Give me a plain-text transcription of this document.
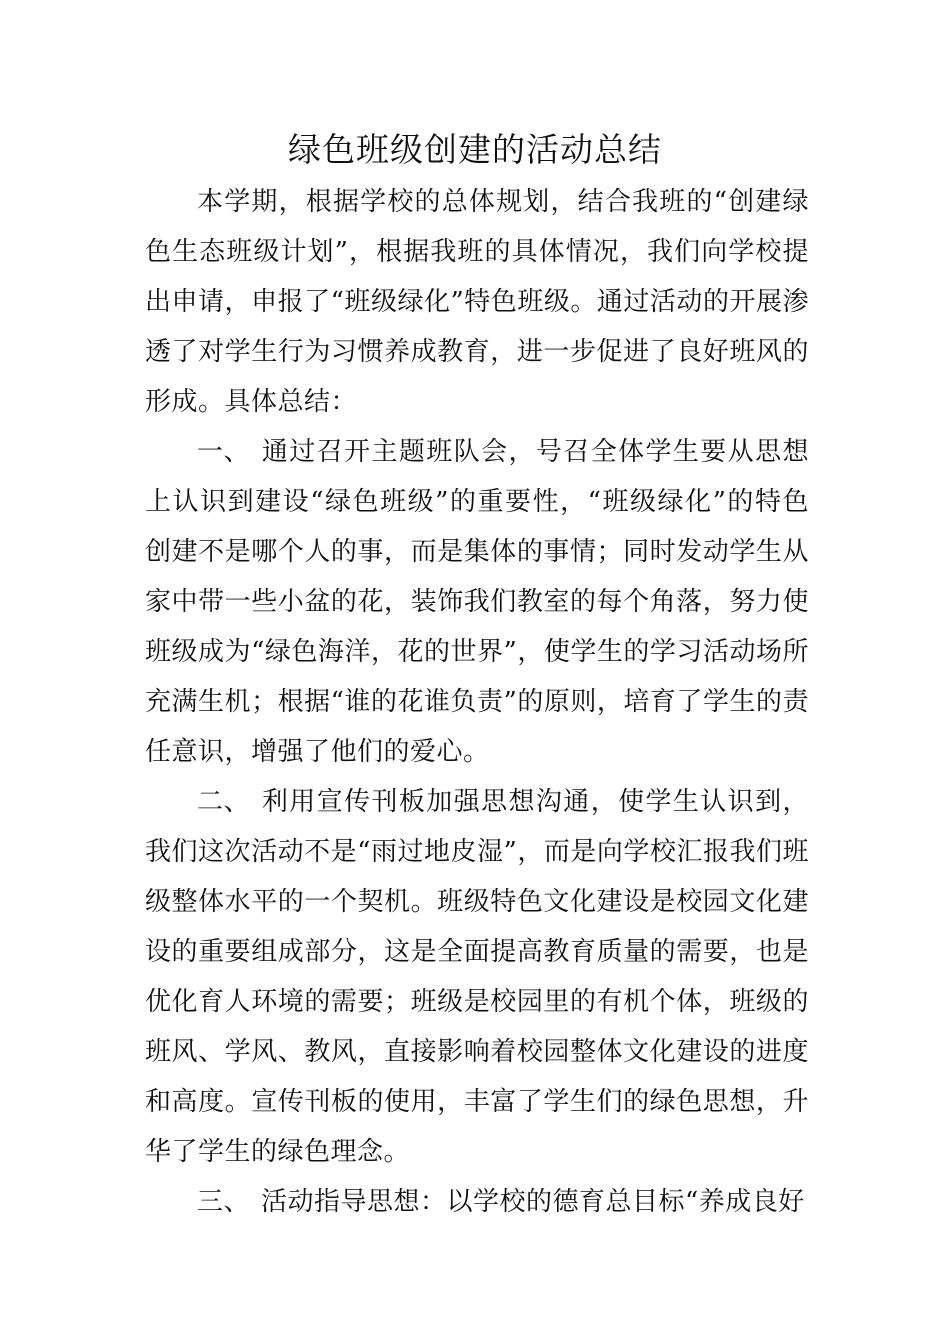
绿色班级创建的活动总结

本学期，根据学校的总体规划，结合我班的“创建绿色生态班级计划”，根据我班的具体情况，我们向学校提出申请，申报了“班级绿化”特色班级。通过活动的开展渗透了对学生行为习惯养成教育，进一步促进了良好班风的形成。具体总结：

一、 通过召开主题班队会，号召全体学生要从思想上认识到建设“绿色班级”的重要性，“班级绿化”的特色创建不是哪个人的事，而是集体的事情；同时发动学生从家中带一些小盆的花，装饰我们教室的每个角落，努力使班级成为“绿色海洋，花的世界”，使学生的学习活动场所充满生机；根据“谁的花谁负责”的原则，培育了学生的责任意识，增强了他们的爱心。

二、 利用宣传刊板加强思想沟通，使学生认识到，我们这次活动不是“雨过地皮湿”，而是向学校汇报我们班级整体水平的一个契机。班级特色文化建设是校园文化建设的重要组成部分，这是全面提高教育质量的需要，也是优化育人环境的需要；班级是校园里的有机个体，班级的班风、学风、教风，直接影响着校园整体文化建设的进度和高度。宣传刊板的使用，丰富了学生们的绿色思想，升华了学生的绿色理念。

三、 活动指导思想：以学校的德育总目标“养成良好
